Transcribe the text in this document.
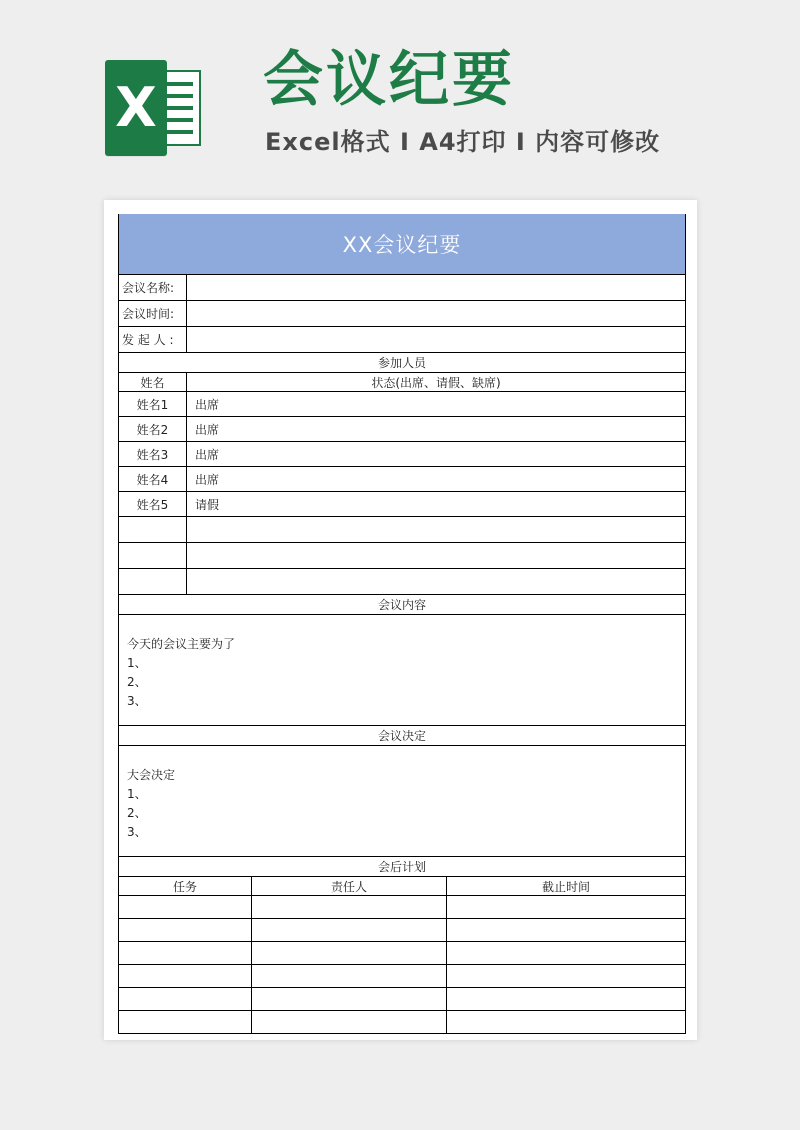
X 会议纪要
Excel格式 Ⅰ A4打印 Ⅰ 内容可修改
XX会议纪要
会议名称:
会议时间:
发 起 人 :
参加人员
姓名	状态(出席、请假、缺席)
姓名1	出席
姓名2	出席
姓名3	出席
姓名4	出席
姓名5	请假
会议内容
今天的会议主要为了
1、
2、
3、
会议决定
大会决定
1、
2、
3、
会后计划
任务	责任人	截止时间
